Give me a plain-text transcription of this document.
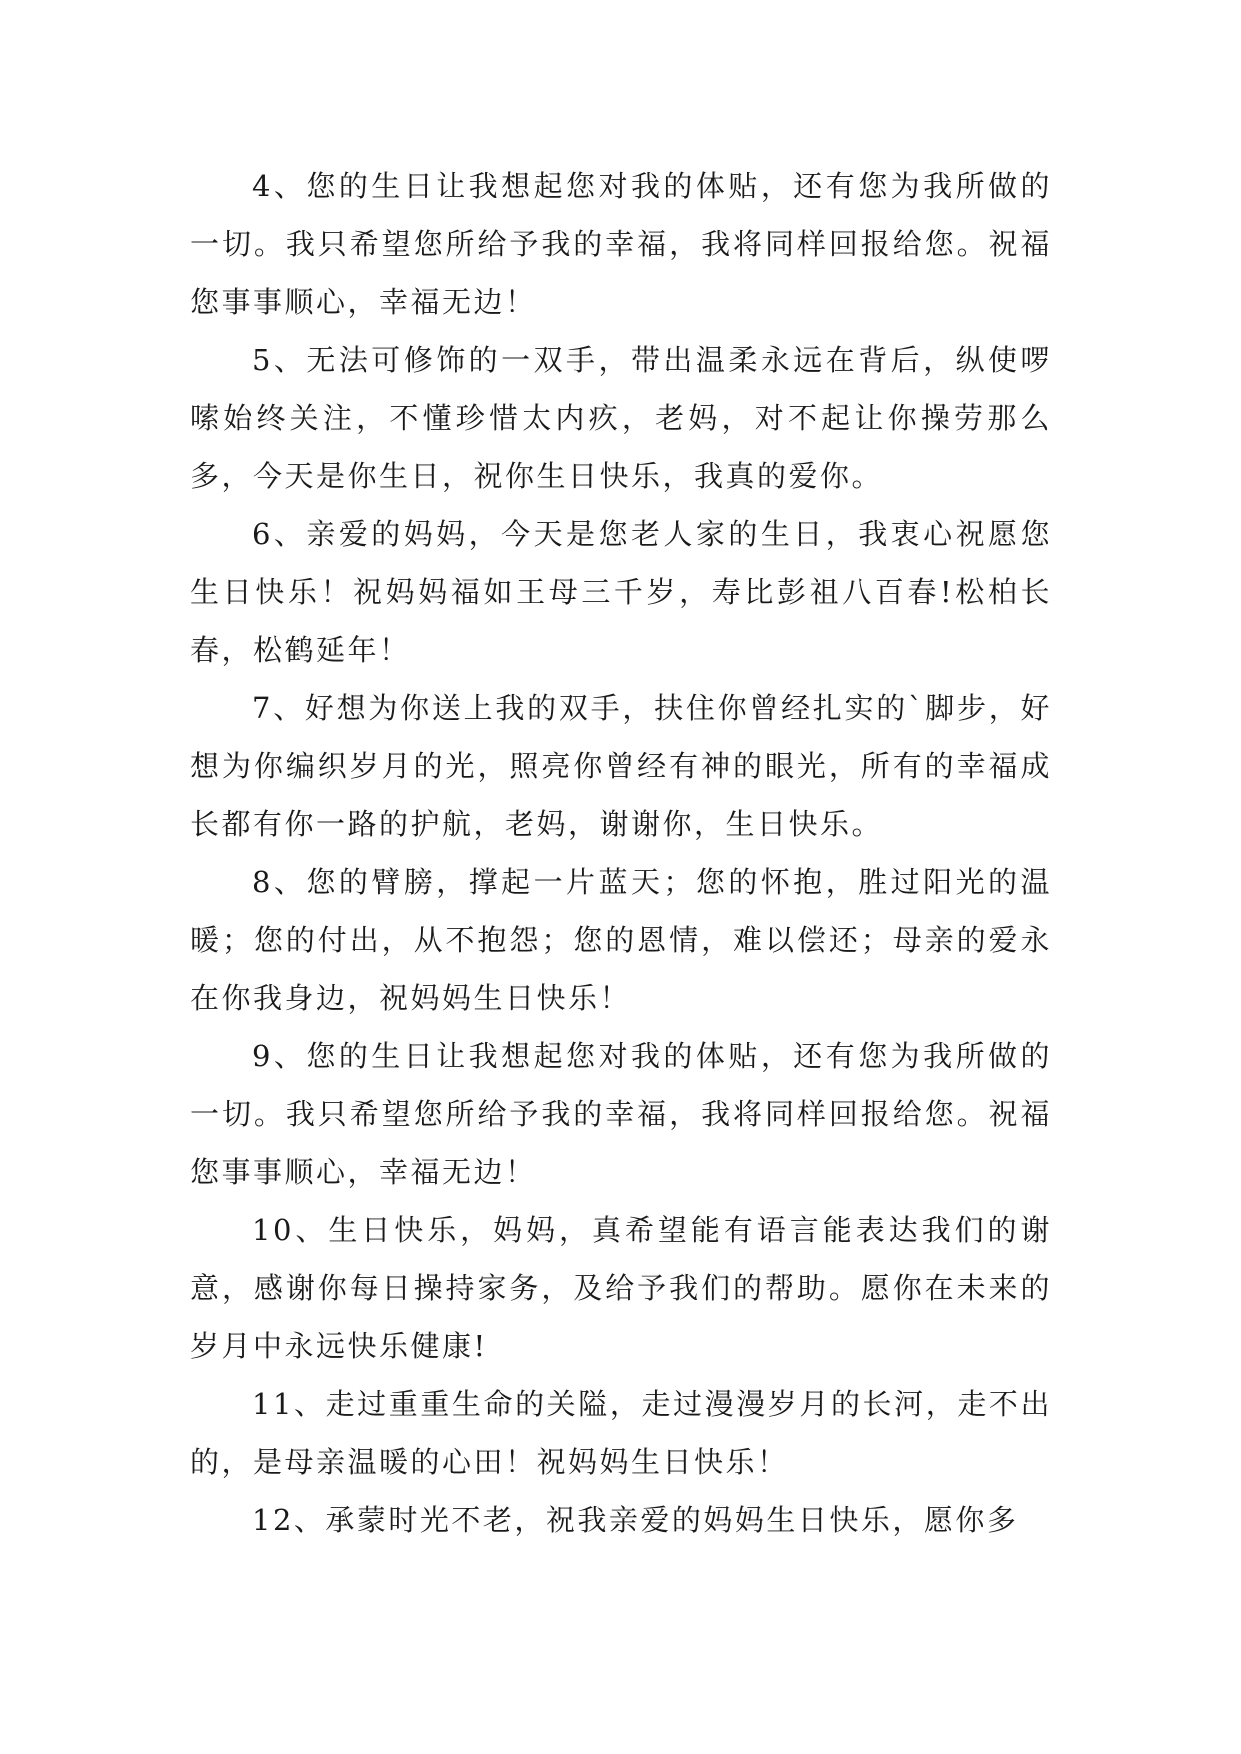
4、您的生日让我想起您对我的体贴，还有您为我所做的一切。我只希望您所给予我的幸福，我将同样回报给您。祝福您事事顺心，幸福无边！

5、无法可修饰的一双手，带出温柔永远在背后，纵使啰嗦始终关注，不懂珍惜太内疚，老妈，对不起让你操劳那么多，今天是你生日，祝你生日快乐，我真的爱你。

6、亲爱的妈妈，今天是您老人家的生日，我衷心祝愿您生日快乐！祝妈妈福如王母三千岁，寿比彭祖八百春!松柏长春，松鹤延年！

7、好想为你送上我的双手，扶住你曾经扎实的`脚步，好想为你编织岁月的光，照亮你曾经有神的眼光，所有的幸福成长都有你一路的护航，老妈，谢谢你，生日快乐。

8、您的臂膀，撑起一片蓝天；您的怀抱，胜过阳光的温暖；您的付出，从不抱怨；您的恩情，难以偿还；母亲的爱永在你我身边，祝妈妈生日快乐！

9、您的生日让我想起您对我的体贴，还有您为我所做的一切。我只希望您所给予我的幸福，我将同样回报给您。祝福您事事顺心，幸福无边！

10、生日快乐，妈妈，真希望能有语言能表达我们的谢意，感谢你每日操持家务，及给予我们的帮助。愿你在未来的岁月中永远快乐健康!

11、走过重重生命的关隘，走过漫漫岁月的长河，走不出的，是母亲温暖的心田！祝妈妈生日快乐！

12、承蒙时光不老，祝我亲爱的妈妈生日快乐，愿你多
